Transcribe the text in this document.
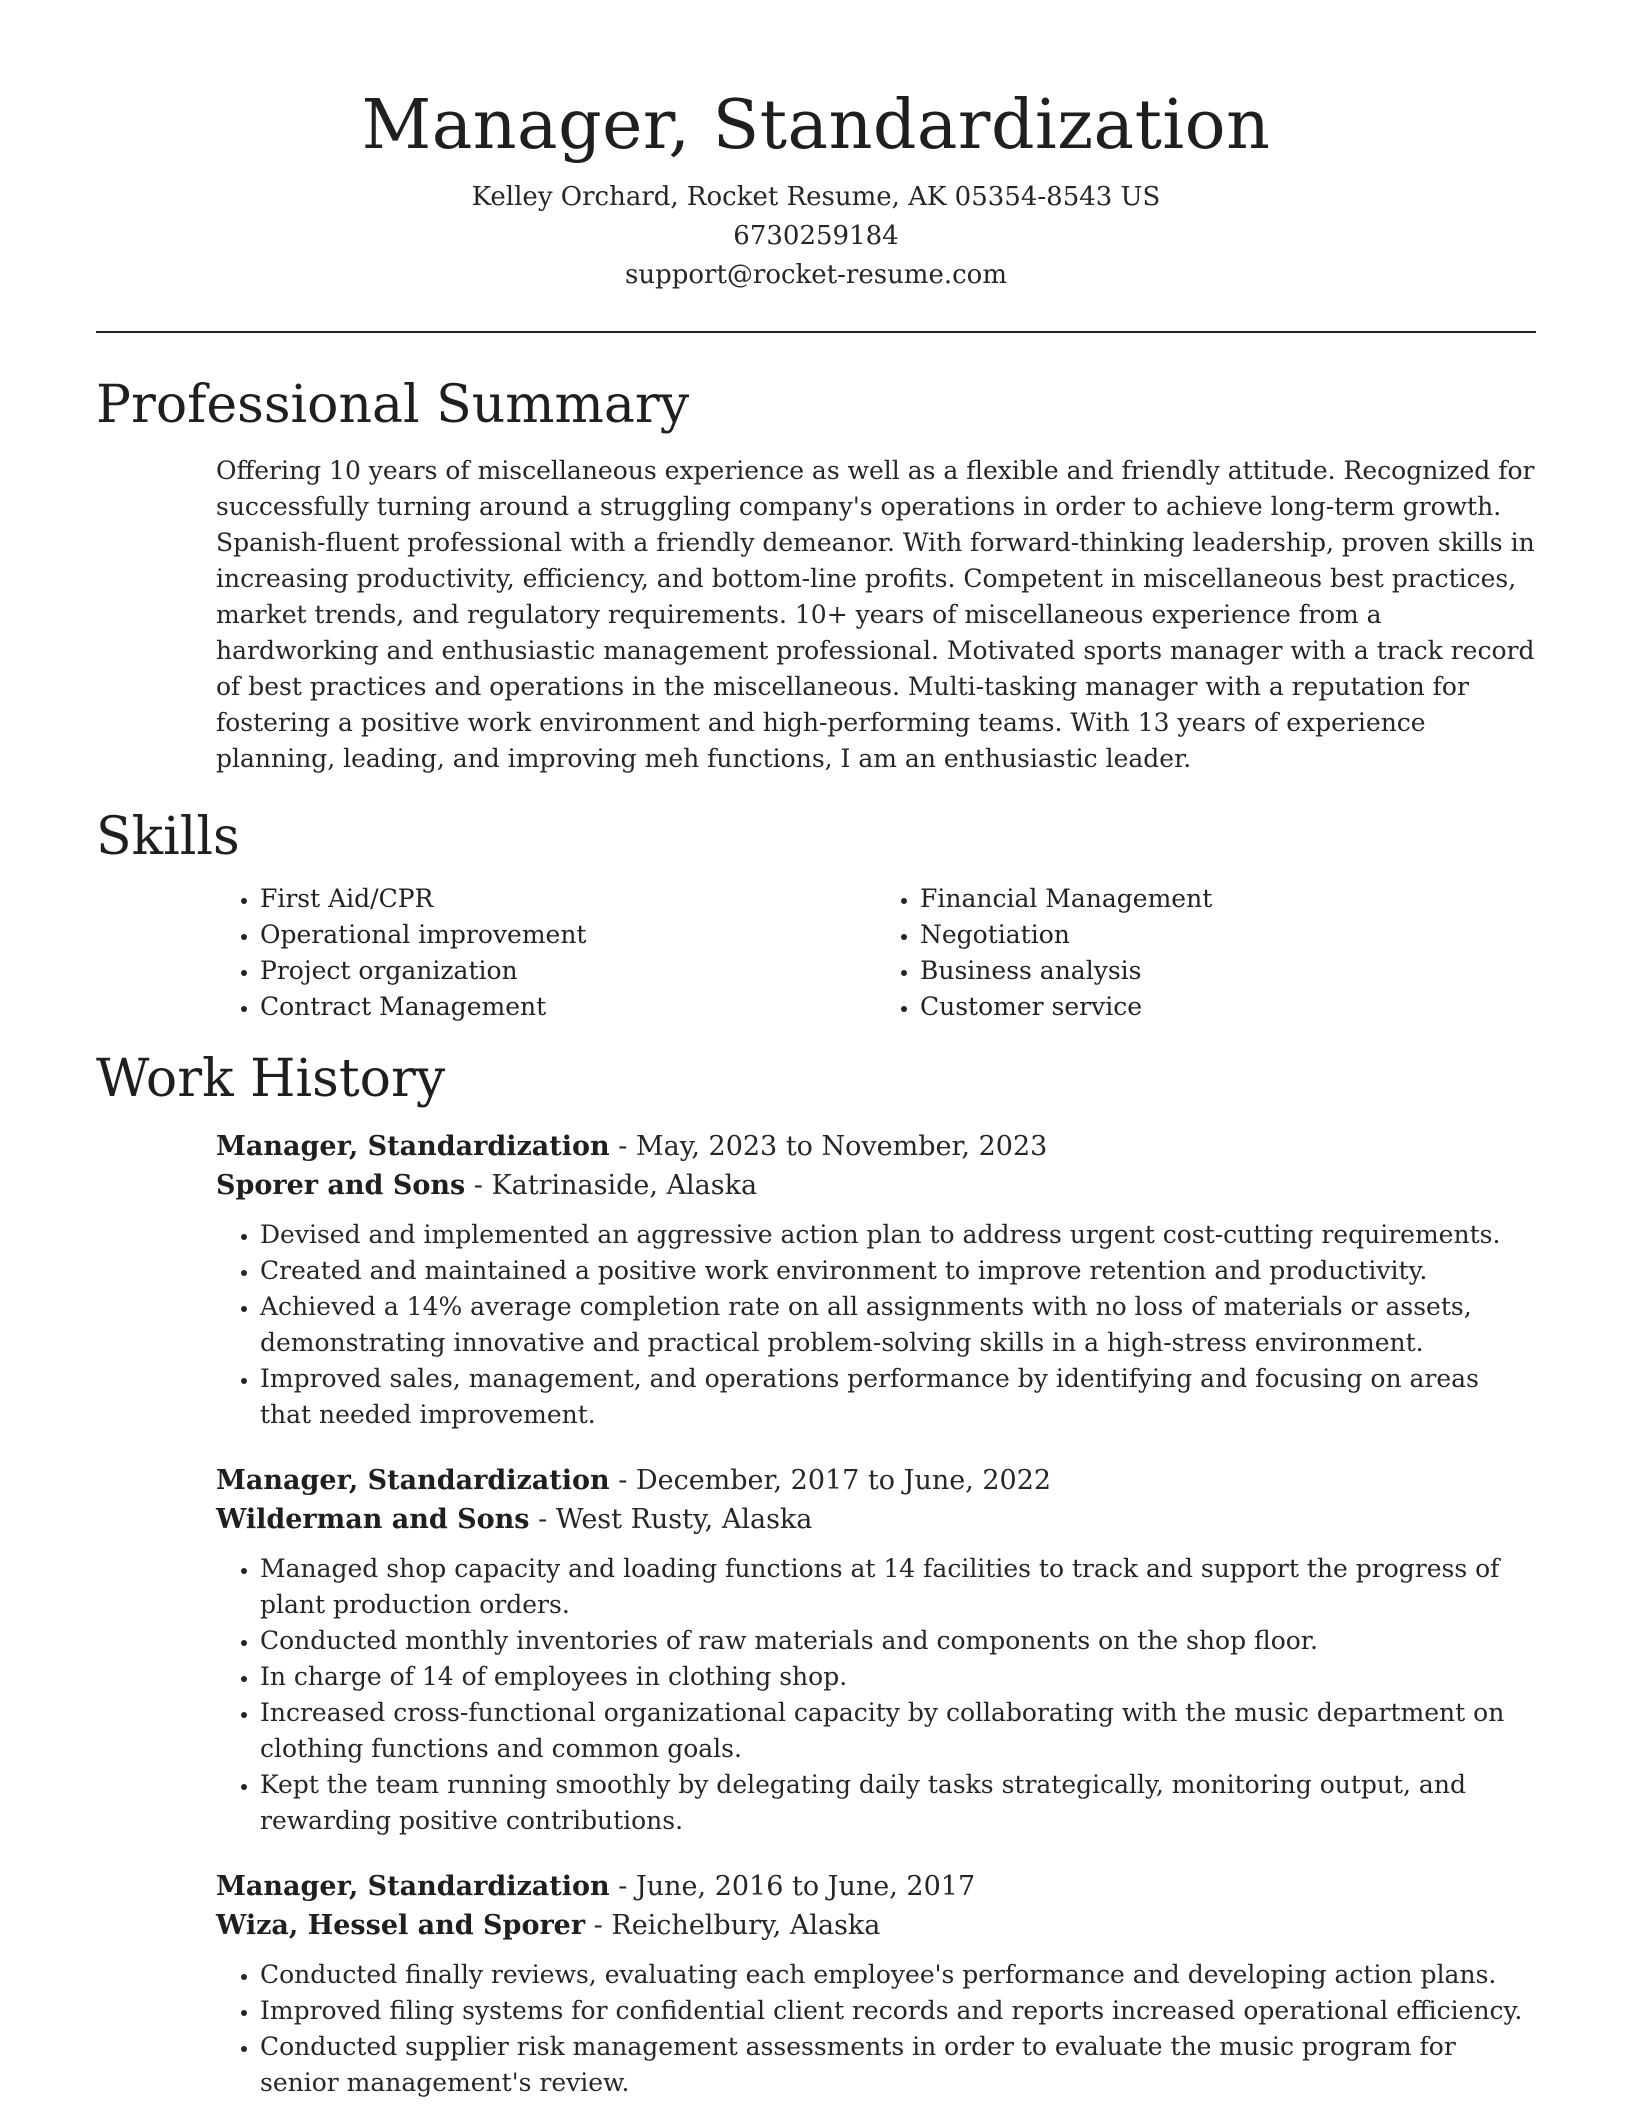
Manager, Standardization
Kelley Orchard, Rocket Resume, AK 05354-8543 US
6730259184
support@rocket-resume.com
Professional Summary

Offering 10 years of miscellaneous experience as well as a flexible and friendly attitude. Recognized for successfully turning around a struggling company's operations in order to achieve long-term growth. Spanish-fluent professional with a friendly demeanor. With forward-thinking leadership, proven skills in increasing productivity, efficiency, and bottom-line profits. Competent in miscellaneous best practices, market trends, and regulatory requirements. 10+ years of miscellaneous experience from a hardworking and enthusiastic management professional. Motivated sports manager with a track record of best practices and operations in the miscellaneous. Multi-tasking manager with a reputation for fostering a positive work environment and high-performing teams. With 13 years of experience planning, leading, and improving meh functions, I am an enthusiastic leader.

Skills
• First Aid/CPR
• Operational improvement
• Project organization
• Contract Management
• Financial Management
• Negotiation
• Business analysis
• Customer service
Work History
Manager, Standardization - May, 2023 to November, 2023
Sporer and Sons - Katrinaside, Alaska
• Devised and implemented an aggressive action plan to address urgent cost-cutting requirements.
• Created and maintained a positive work environment to improve retention and productivity.
• Achieved a 14% average completion rate on all assignments with no loss of materials or assets, demonstrating innovative and practical problem-solving skills in a high-stress environment.
• Improved sales, management, and operations performance by identifying and focusing on areas that needed improvement.
Manager, Standardization - December, 2017 to June, 2022
Wilderman and Sons - West Rusty, Alaska
• Managed shop capacity and loading functions at 14 facilities to track and support the progress of plant production orders.
• Conducted monthly inventories of raw materials and components on the shop floor.
• In charge of 14 of employees in clothing shop.
• Increased cross-functional organizational capacity by collaborating with the music department on clothing functions and common goals.
• Kept the team running smoothly by delegating daily tasks strategically, monitoring output, and rewarding positive contributions.
Manager, Standardization - June, 2016 to June, 2017
Wiza, Hessel and Sporer - Reichelbury, Alaska
• Conducted finally reviews, evaluating each employee's performance and developing action plans.
• Improved filing systems for confidential client records and reports increased operational efficiency.
• Conducted supplier risk management assessments in order to evaluate the music program for senior management's review.
